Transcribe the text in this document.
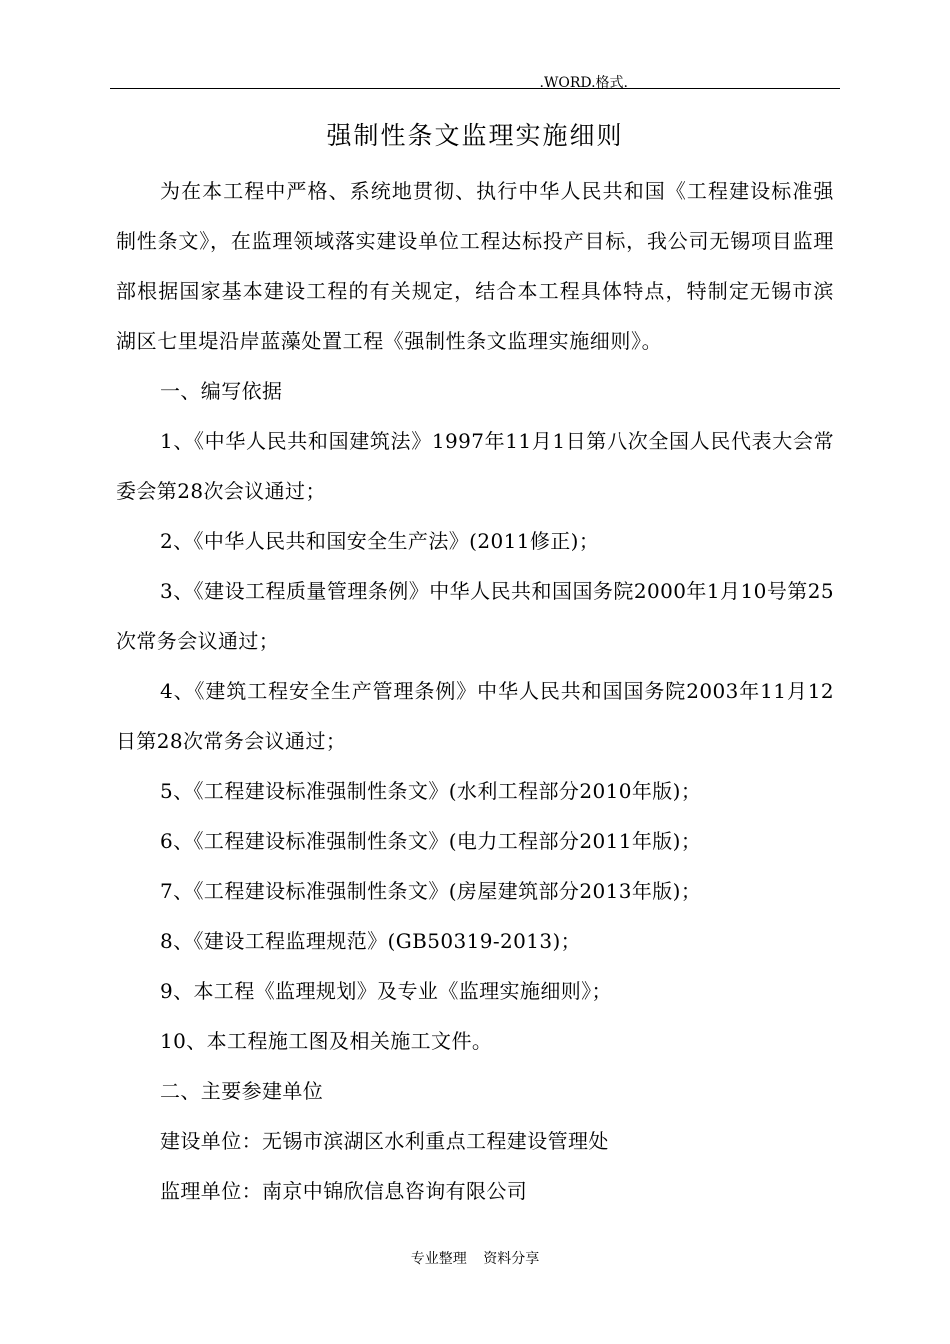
.WORD.格式.
强制性条文监理实施细则

为在本工程中严格、系统地贯彻、执行中华人民共和国《工程建设标准强制性条文》，在监理领域落实建设单位工程达标投产目标，我公司无锡项目监理部根据国家基本建设工程的有关规定，结合本工程具体特点，特制定无锡市滨湖区七里堤沿岸蓝藻处置工程《强制性条文监理实施细则》。

一、编写依据

1、《中华人民共和国建筑法》1997年11月1日第八次全国人民代表大会常委会第28次会议通过；

2、《中华人民共和国安全生产法》(2011修正)；

3、《建设工程质量管理条例》中华人民共和国国务院2000年1月10号第25次常务会议通过；

4、《建筑工程安全生产管理条例》中华人民共和国国务院2003年11月12日第28次常务会议通过；

5、《工程建设标准强制性条文》(水利工程部分2010年版)；

6、《工程建设标准强制性条文》(电力工程部分2011年版)；

7、《工程建设标准强制性条文》(房屋建筑部分2013年版)；

8、《建设工程监理规范》(GB50319-2013)；

9、本工程《监理规划》及专业《监理实施细则》；

10、本工程施工图及相关施工文件。

二、主要参建单位

建设单位：无锡市滨湖区水利重点工程建设管理处

监理单位：南京中锦欣信息咨询有限公司

专业整理 资料分享
